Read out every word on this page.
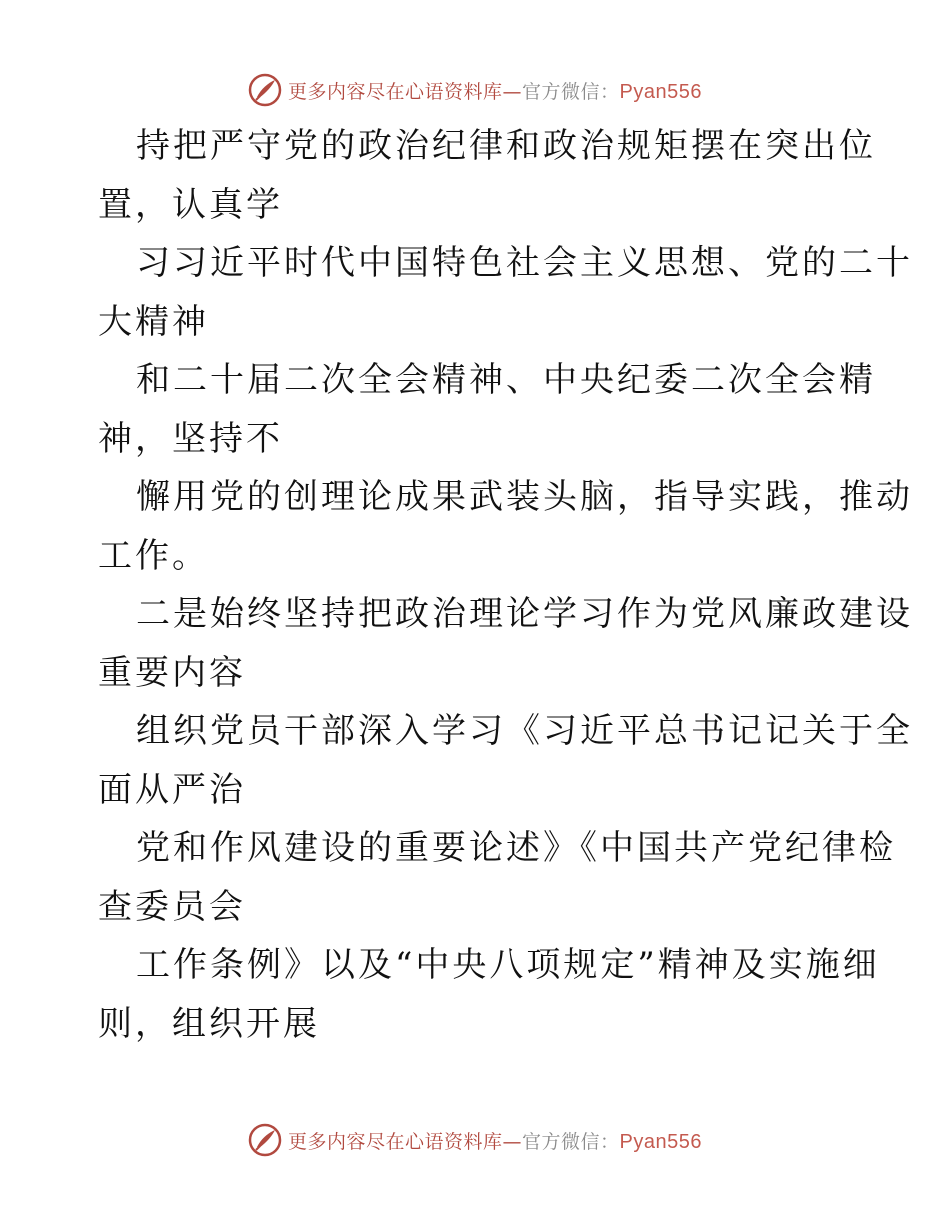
更多内容尽在心语资料库—官方微信：Pyan556
持把严守党的政治纪律和政治规矩摆在突出位
置，认真学
习习近平时代中国特色社会主义思想、党的二十
大精神
和二十届二次全会精神、中央纪委二次全会精
神，坚持不
懈用党的创理论成果武装头脑，指导实践，推动
工作。
二是始终坚持把政治理论学习作为党风廉政建设
重要内容
组织党员干部深入学习《习近平总书记记关于全
面从严治
党和作风建设的重要论述》《中国共产党纪律检
查委员会
工作条例》以及“中央八项规定”精神及实施细
则，组织开展
更多内容尽在心语资料库—官方微信：Pyan556
